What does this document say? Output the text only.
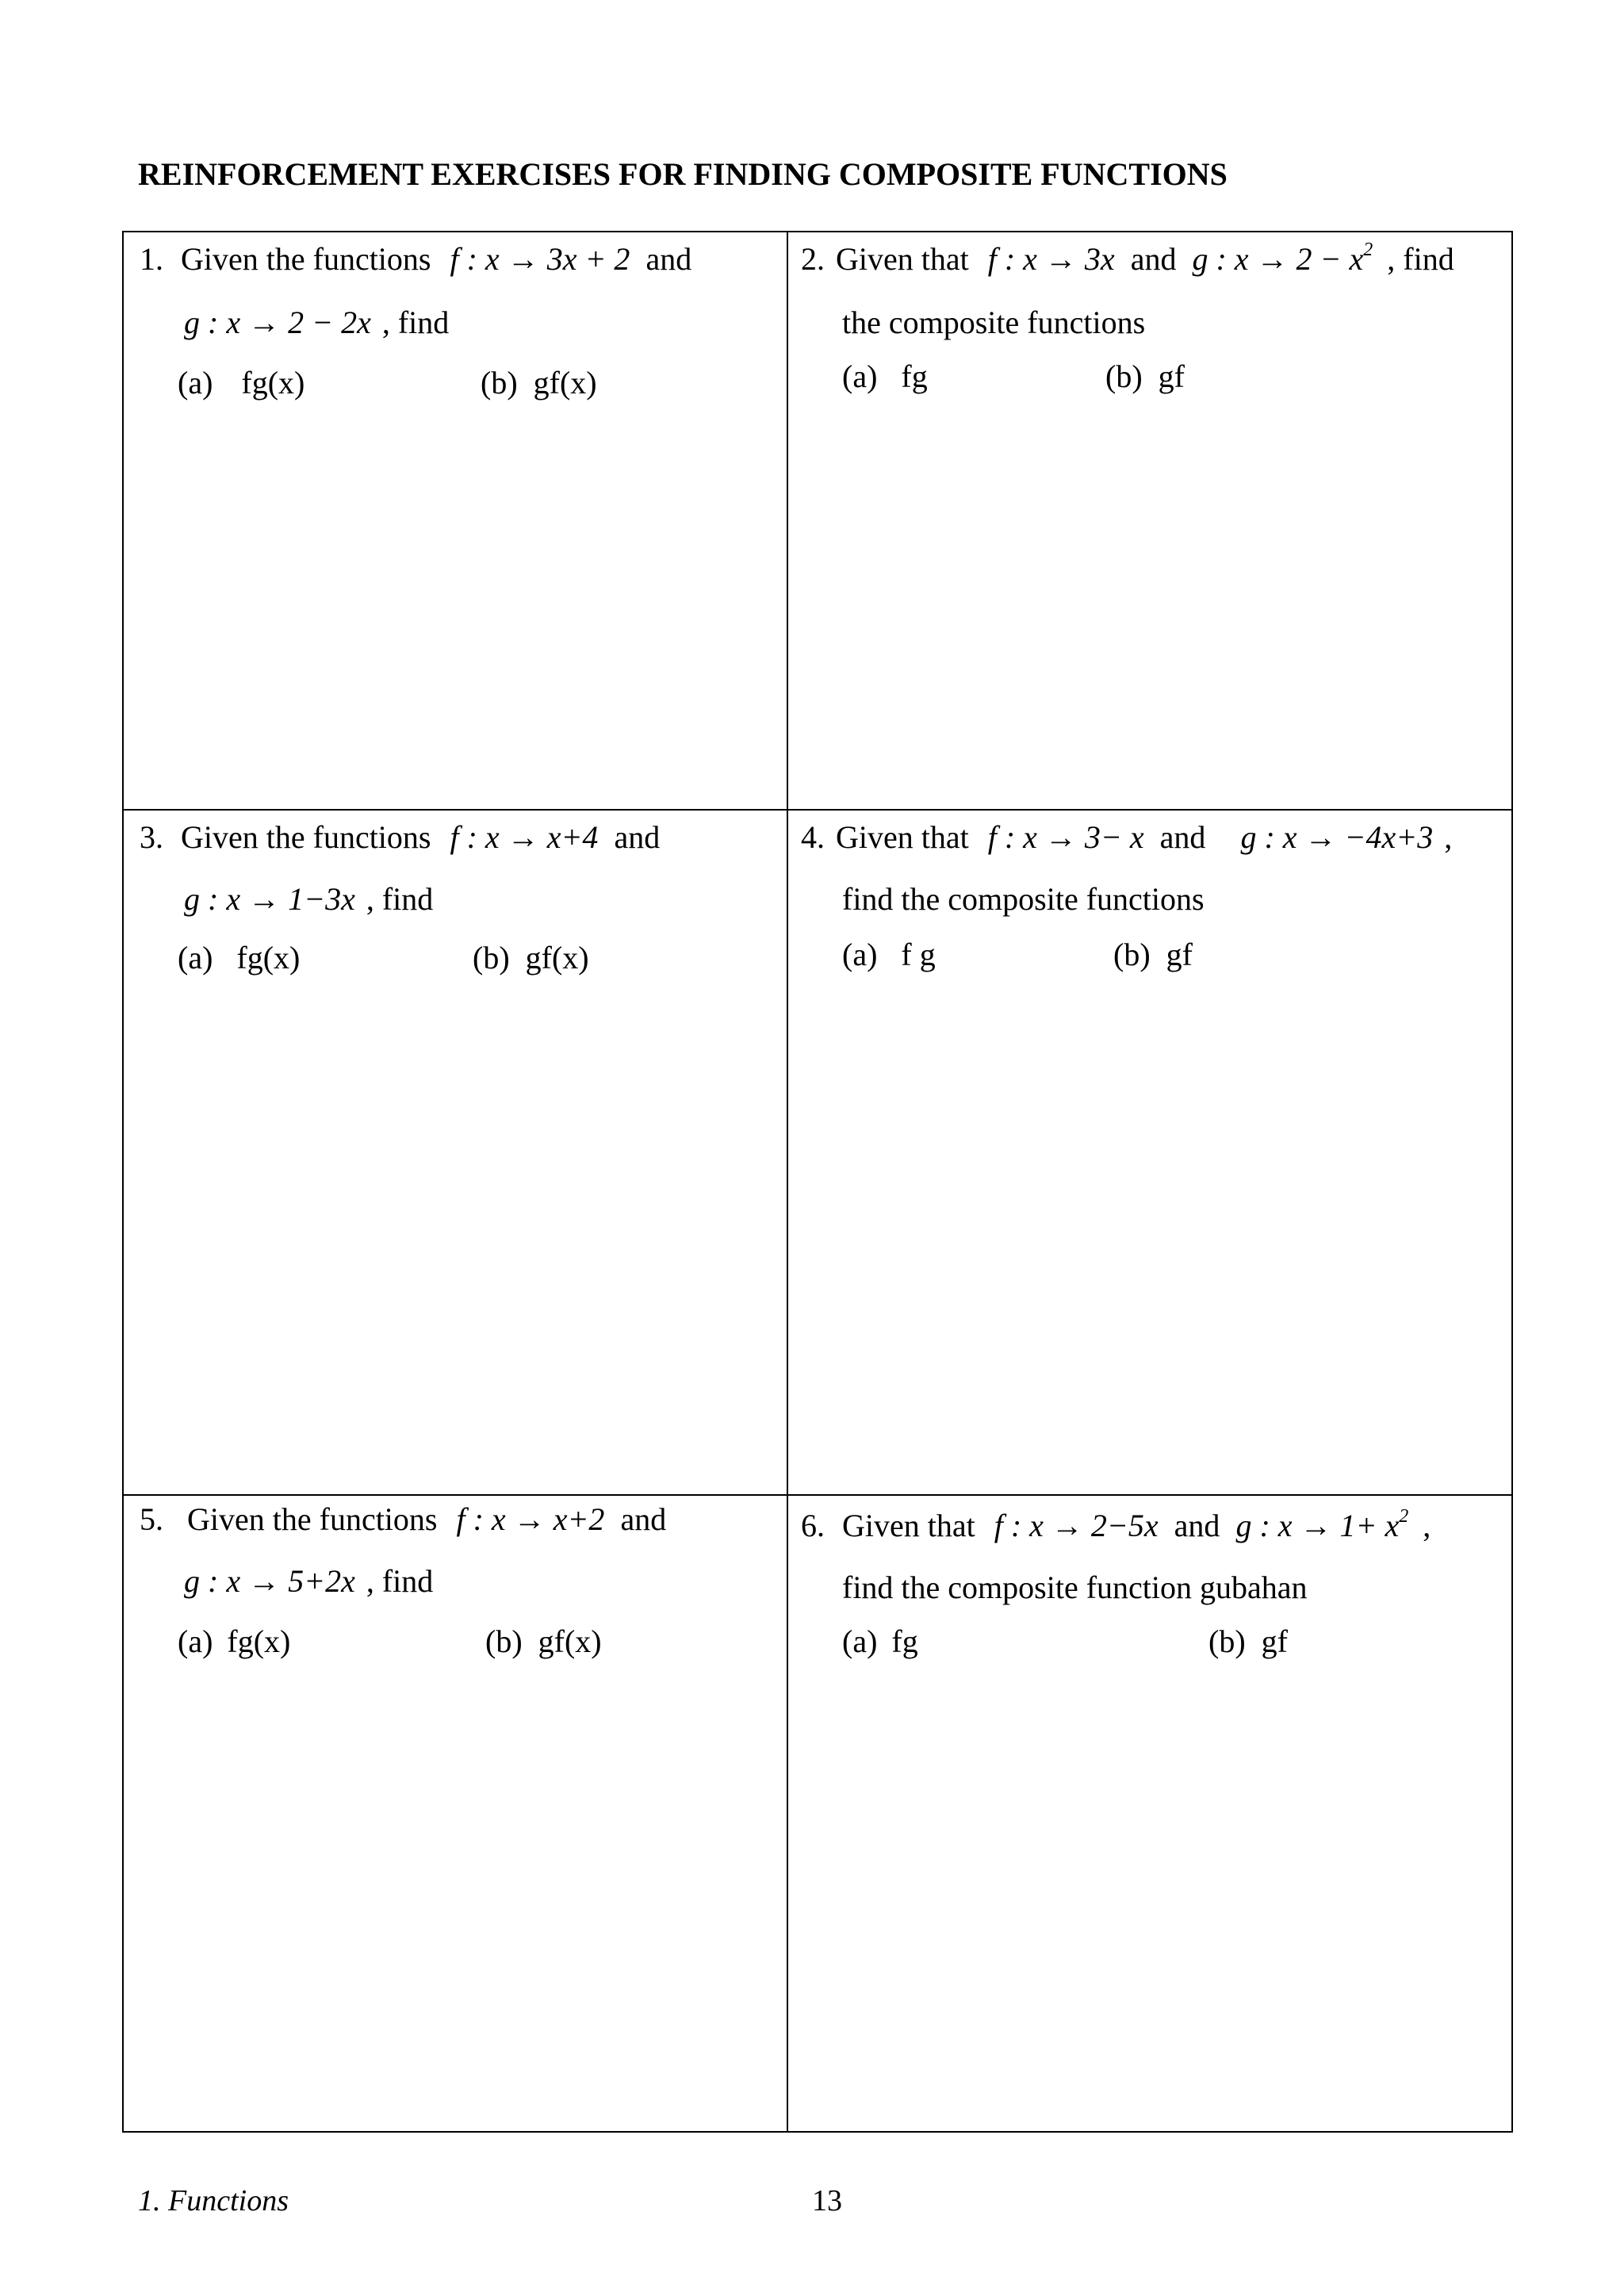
REINFORCEMENT EXERCISES FOR FINDING COMPOSITE FUNCTIONS
1. Given the functions f : x → 3x + 2 and
g : x → 2 − 2x , find
(a) fg(x)	(b) gf(x)
2. Given that f : x → 3x and g : $x \to 2 - x^2$ , find
the composite functions
(a) fg	(b) gf
3. Given the functions f : x → x+4 and
g : x → 1−3x , find
(a) fg(x)	(b) gf(x)
4. Given that f : x → 3− x and g : x → −4x+3 ,
find the composite functions
(a) f g	(b) gf
5. Given the functions f : x → x+2 and
g : x → 5+2x , find
(a) fg(x)	(b) gf(x)
6. Given that f : x → 2−5x and g : $x \to 1+ x^2$ ,
find the composite function gubahan
(a) fg	(b) gf
1. Functions	13
